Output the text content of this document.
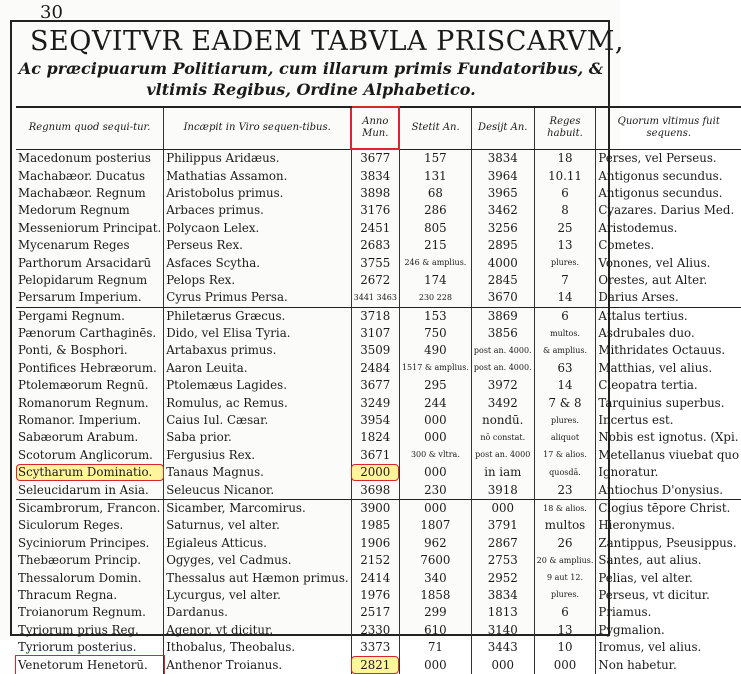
30
SEQVITVR EADEM TABVLA PRISCARVM,
Ac præcipuarum Politiarum, cum illarum primis Fundatoribus, & vltimis Regibus, Ordine Alphabetico.
Regnum quod sequi-tur.	Incæpit in Viro sequen-tibus.	Anno Mun.	Stetit An.	Desijt An.	Reges habuit.	Quorum vltimus fuit sequens.
Macedonum posterius	Philippus Aridæus.	3677	157	3834	18	Perses, vel Perseus.
Machabæor. Ducatus	Mathatias Assamon.	3834	131	3964	10.11	Antigonus secundus.
Machabæor. Regnum	Aristobolus primus.	3898	68	3965	6	Antigonus secundus.
Medorum Regnum	Arbaces primus.	3176	286	3462	8	Cyazares. Darius Med.
Messeniorum Principat.	Polycaon Lelex.	2451	805	3256	25	Aristodemus.
Mycenarum Reges	Perseus Rex.	2683	215	2895	13	Cometes.
Parthorum Arsacidarū	Asfaces Scytha.	3755	246 & amplius.	4000	plures.	Vonones, vel Alius.
Pelopidarum Regnum	Pelops Rex.	2672	174	2845	7	Orestes, aut Alter.
Persarum Imperium.	Cyrus Primus Persa.	3441 3463	230 228	3670	14	Darius Arses.
Pergami Regnum.	Philetærus Græcus.	3718	153	3869	6	Attalus tertius.
Pænorum Carthaginēs.	Dido, vel Elisa Tyria.	3107	750	3856	multos.	Asdrubales duo.
Ponti, & Bosphori.	Artabaxus primus.	3509	490	post an. 4000.	& amplius.	Mithridates Octauus.
Pontifices Hebræorum.	Aaron Leuita.	2484	1517 & amplius.	post an. 4000.	63	Matthias, vel alius.
Ptolemæorum Regnū.	Ptolemæus Lagides.	3677	295	3972	14	Cleopatra tertia.
Romanorum Regnum.	Romulus, ac Remus.	3249	244	3492	7 & 8	Tarquinius superbus.
Romanor. Imperium.	Caius Iul. Cæsar.	3954	000	nondū.	plures.	Incertus est.
Sabæorum Arabum.	Saba prior.	1824	000	nō constat.	aliquot	Nobis est ignotus. (Xpi.
Scotorum Anglicorum.	Fergusius Rex.	3671	300 & vltra.	post an. 4000	17 & alios.	Metellanus viuebat quo
Scytharum Dominatio.	Tanaus Magnus.	2000	000	in iam	quosdā.	Ignoratur.
Seleucidarum in Asia.	Seleucus Nicanor.	3698	230	3918	23	Antiochus D'onysius.
Sicambrorum, Francon.	Sicamber, Marcomirus.	3900	000	000	18 & alios.	Clogius tēpore Christ.
Siculorum Reges.	Saturnus, vel alter.	1985	1807	3791	multos	Hieronymus.
Syciniorum Principes.	Egialeus Atticus.	1906	962	2867	26	Zantippus, Pseusippus.
Thebæorum Princip.	Ogyges, vel Cadmus.	2152	7600	2753	20 & amplius.	Santes, aut alius.
Thessalorum Domin.	Thessalus aut Hæmon primus.	2414	340	2952	9 aut 12.	Pelias, vel alter.
Thracum Regna.	Lycurgus, vel alter.	1976	1858	3834	plures.	Perseus, vt dicitur.
Troianorum Regnum.	Dardanus.	2517	299	1813	6	Priamus.
Tyriorum prius Reg.	Agenor, vt dicitur.	2330	610	3140	13	Pygmalion.
Tyriorum posterius.	Ithobalus, Theobalus.	3373	71	3443	10	Iromus, vel alius.
Venetorum Henetorū.	Anthenor Troianus.	2821	000	000	000	Non habetur.
